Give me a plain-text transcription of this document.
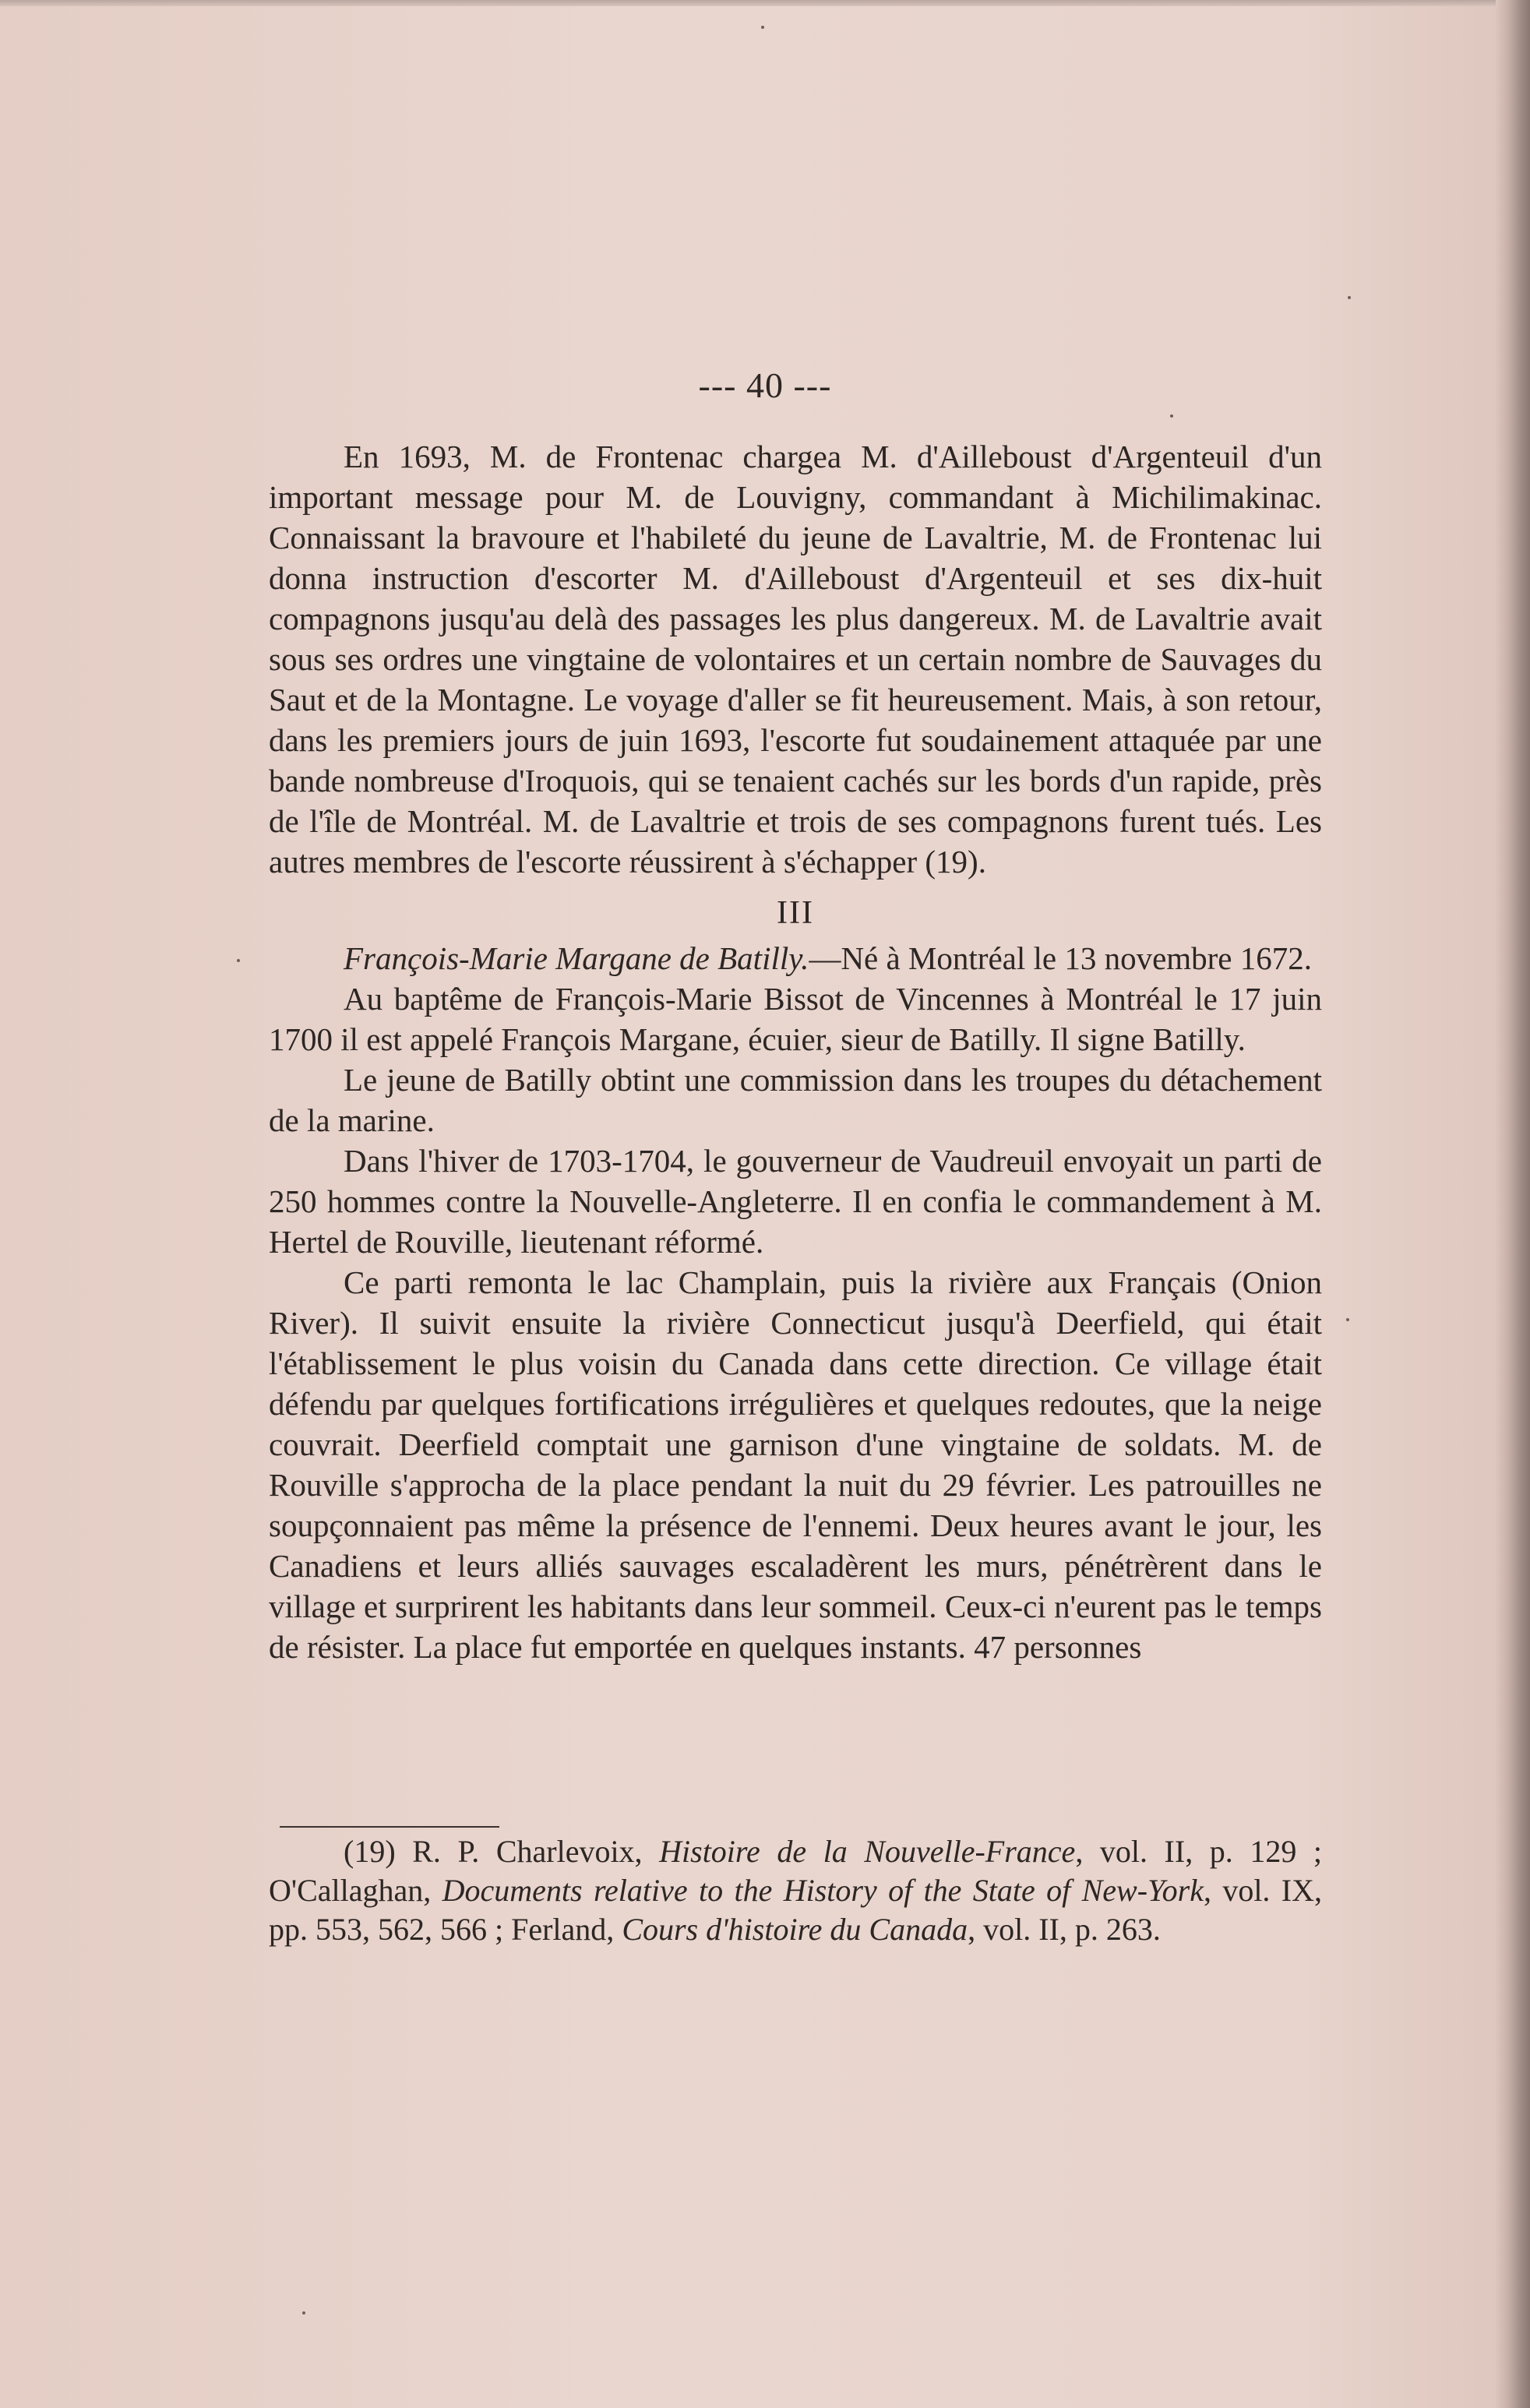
--- 40 ---

En 1693, M. de Frontenac chargea M. d'Ailleboust d'Argenteuil d'un important message pour M. de Louvigny, commandant à Michilimakinac. Connaissant la bravoure et l'habileté du jeune de Lavaltrie, M. de Frontenac lui donna instruction d'escorter M. d'Ailleboust d'Argenteuil et ses dix-huit compagnons jusqu'au delà des passages les plus dangereux. M. de Lavaltrie avait sous ses ordres une vingtaine de volontaires et un certain nombre de Sauvages du Saut et de la Montagne. Le voyage d'aller se fit heureusement. Mais, à son retour, dans les premiers jours de juin 1693, l'escorte fut soudainement attaquée par une bande nombreuse d'Iroquois, qui se tenaient cachés sur les bords d'un rapide, près de l'île de Montréal. M. de Lavaltrie et trois de ses compagnons furent tués. Les autres membres de l'escorte réussirent à s'échapper (19).

III

François-Marie Margane de Batilly.—Né à Montréal le 13 novembre 1672.

Au baptême de François-Marie Bissot de Vincennes à Montréal le 17 juin 1700 il est appelé François Margane, écuier, sieur de Batilly. Il signe Batilly.

Le jeune de Batilly obtint une commission dans les troupes du détachement de la marine.

Dans l'hiver de 1703-1704, le gouverneur de Vaudreuil envoyait un parti de 250 hommes contre la Nouvelle-Angleterre. Il en confia le commandement à M. Hertel de Rouville, lieutenant réformé.

Ce parti remonta le lac Champlain, puis la rivière aux Français (Onion River). Il suivit ensuite la rivière Connecticut jusqu'à Deerfield, qui était l'établissement le plus voisin du Canada dans cette direction. Ce village était défendu par quelques fortifications irrégulières et quelques redoutes, que la neige couvrait. Deerfield comptait une garnison d'une vingtaine de soldats. M. de Rouville s'approcha de la place pendant la nuit du 29 février. Les patrouilles ne soupçonnaient pas même la présence de l'ennemi. Deux heures avant le jour, les Canadiens et leurs alliés sauvages escaladèrent les murs, pénétrèrent dans le village et surprirent les habitants dans leur sommeil. Ceux-ci n'eurent pas le temps de résister. La place fut emportée en quelques instants. 47 personnes

(19) R. P. Charlevoix, Histoire de la Nouvelle-France, vol. II, p. 129 ; O'Callaghan, Documents relative to the History of the State of New-York, vol. IX, pp. 553, 562, 566 ; Ferland, Cours d'histoire du Canada, vol. II, p. 263.
